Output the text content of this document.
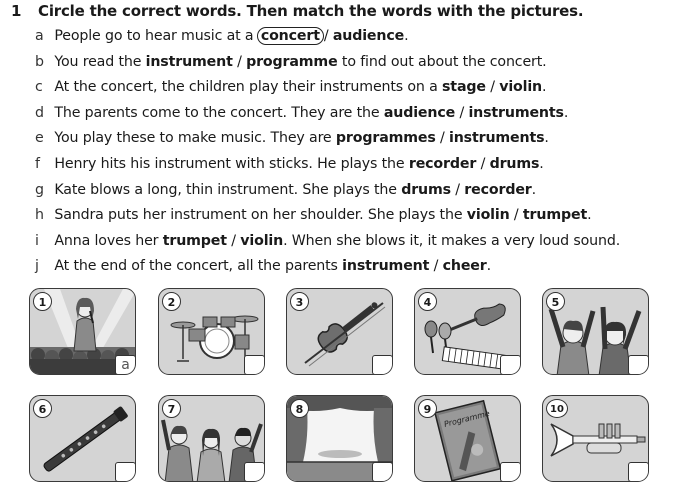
1 Circle the correct words. Then match the words with the pictures.
a People go to hear music at a concert / audience.
b You read the instrument / programme to find out about the concert.
c At the concert, the children play their instruments on a stage / violin.
d The parents come to the concert. They are the audience / instruments.
e You play these to make music. They are programmes / instruments.
f Henry hits his instrument with sticks. He plays the recorder / drums.
g Kate blows a long, thin instrument. She plays the drums / recorder.
h Sandra puts her instrument on her shoulder. She plays the violin / trumpet.
i Anna loves her trumpet / violin. When she blows it, it makes a very loud sound.
j At the end of the concert, all the parents instrument / cheer.
1
a
2	3	4	5
6	7	8	Programme
9	10
